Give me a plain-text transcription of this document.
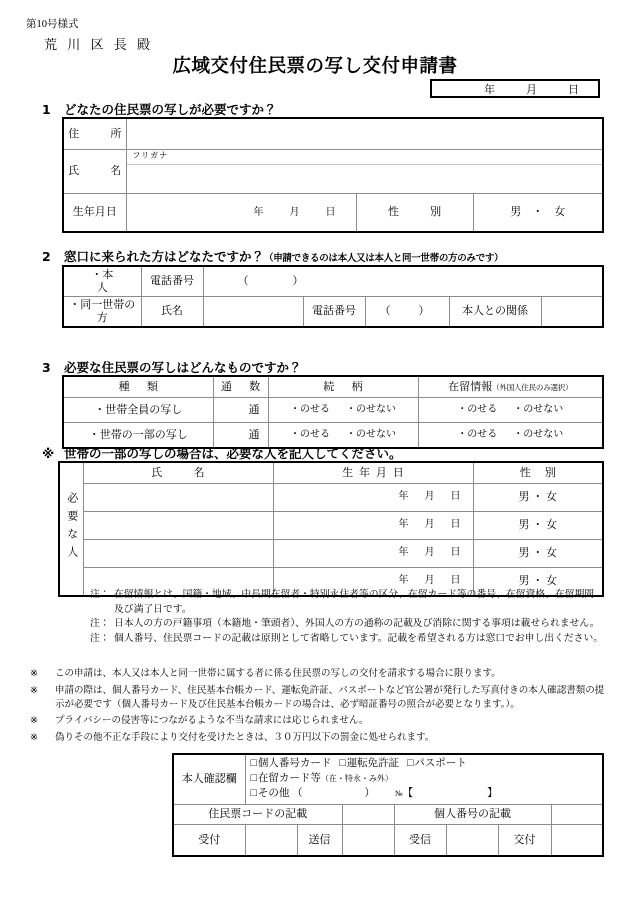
第10号様式
荒 川 区 長 殿
広域交付住民票の写し交付申請書
年	月	日
1 どなたの住民票の写しが必要ですか？
住　　所			
氏　　名	フリガナ		

生年月日	年 月 日	性　　別	男　・　女
2 窓口に来られた方はどなたですか？（申請できるのは本人又は本人と同一世帯の方のみです）
・本　　　　人	電話番号	（ ）				

・同一世帯の方	氏名		電話番号	（ ）	本人との関係	
3 必要な住民票の写しはどんなものですか？
種　類	通　数	続　柄	在留情報（外国人住民のみ選択）
・世帯全員の写し	通	・のせる ・のせない	・のせる ・のせない

・世帯の一部の写し	通	・のせる ・のせない	・のせる ・のせない
※ 世帯の一部の写しの場合は、必要な人を記入してください。
必要な人	氏　　名	生 年 月 日	性　別

		年 月 日	男 ・ 女

		年 月 日	男 ・ 女

		年 月 日	男 ・ 女

		年 月 日	男 ・ 女
注： 在留情報とは、国籍・地域、中長期在留者・特別永住者等の区分、在留カード等の番号、在留資格、在留期間
及び満了日です。
注： 日本人の方の戸籍事項（本籍地・筆頭者）、外国人の方の通称の記載及び消除に関する事項は載せられません。
注： 個人番号、住民票コードの記載は原則として省略しています。記載を希望される方は窓口でお申し出ください。
※ この申請は、本人又は本人と同一世帯に属する者に係る住民票の写しの交付を請求する場合に限ります。
※ 申請の際は、個人番号カード、住民基本台帳カード、運転免許証、パスポートなど官公署が発行した写真付きの本人確認書類の提
示が必要です（個人番号カード及び住民基本台帳カードの場合は、必ず暗証番号の照合が必要となります。）。
※ プライバシーの侵害等につながるような不当な請求には応じられません。
※ 偽りその他不正な手段により交付を受けたときは、３０万円以下の罰金に処せられます。
本人確認欄	□ 個人番号カード □ 運転免許証 □ パスポート
□ 在留カード等（在・特永・み外）
□ その他 （ ） №【 】

住民票コードの記載				個人番号の記載			
受付		送信		受信		交付	
